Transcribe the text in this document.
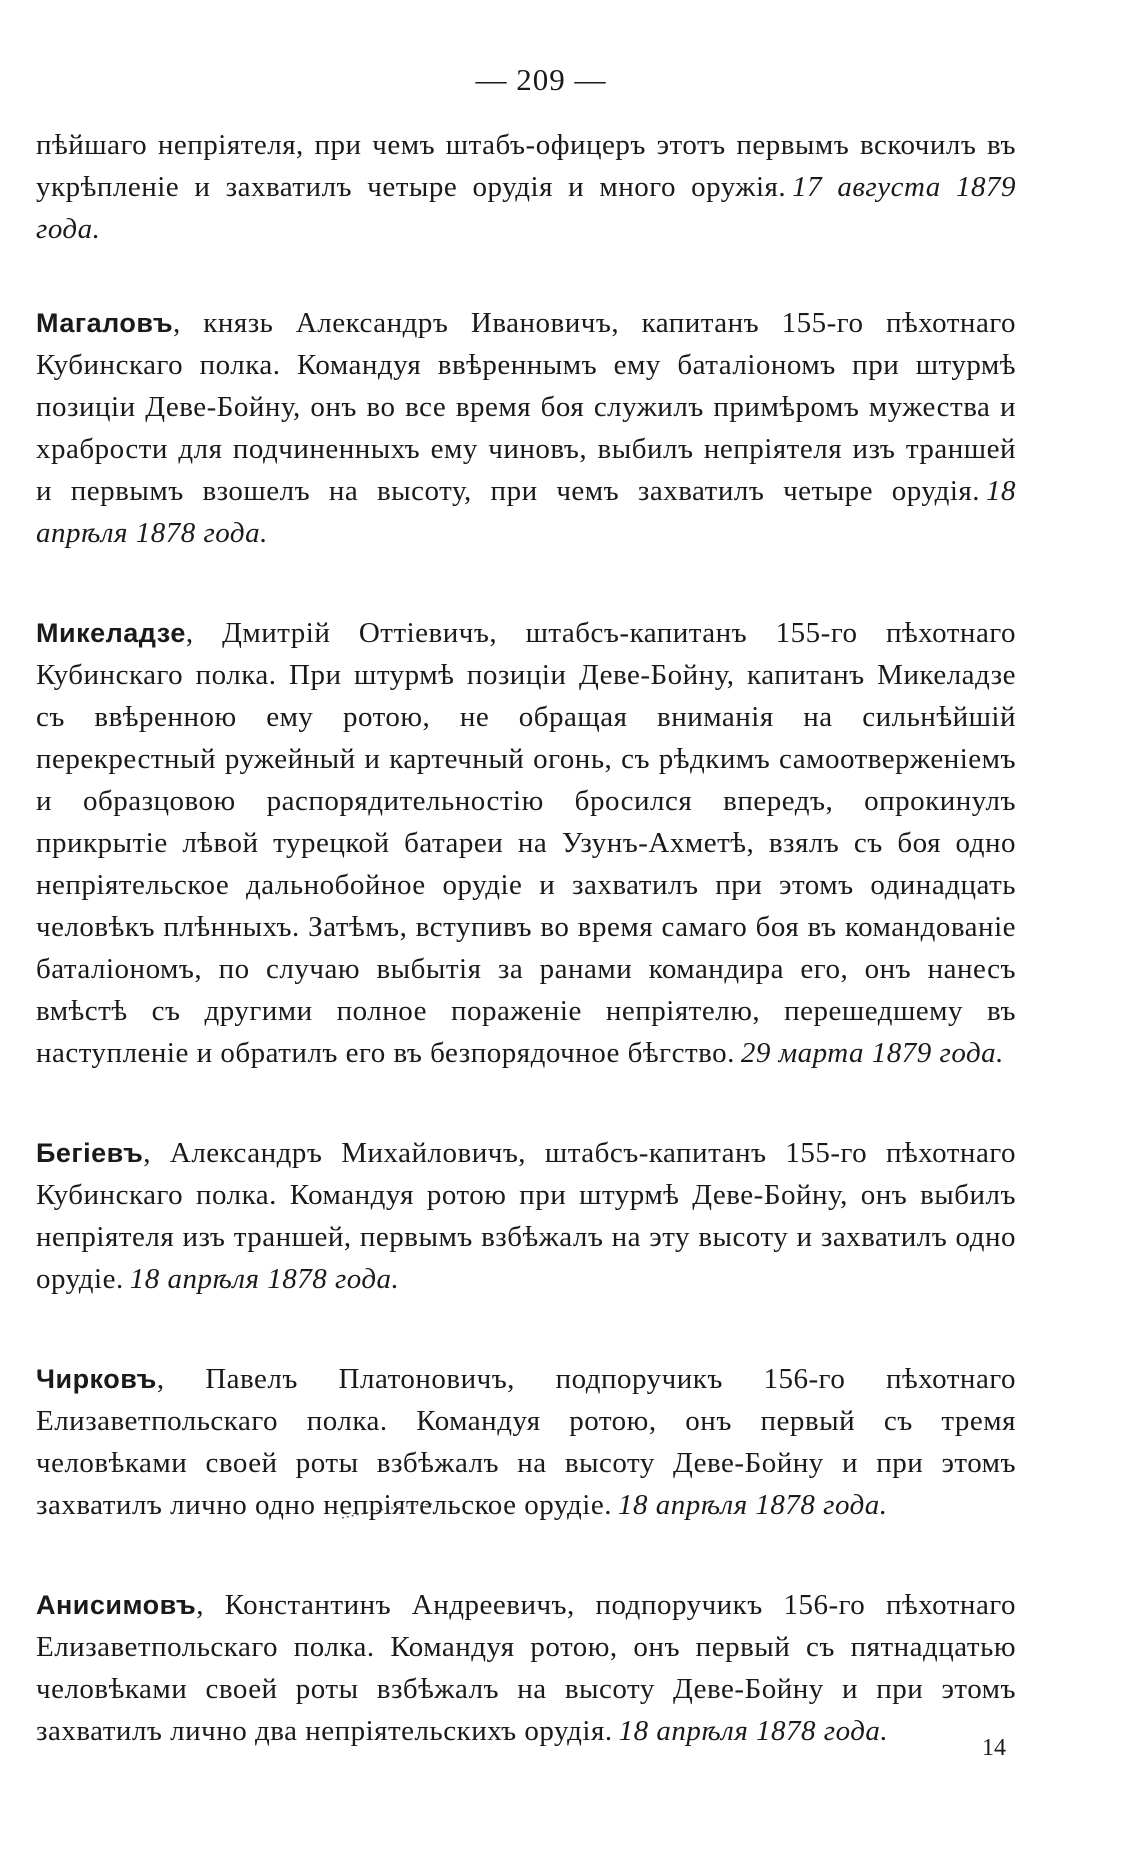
— 209 —

пѣйшаго непріятеля, при чемъ штабъ-офицеръ этотъ первымъ вскочилъ въ укрѣпленіе и захватилъ четыре орудія и много оружія. 17 августа 1879 года.

Магаловъ, князь Александръ Ивановичъ, капитанъ 155-го пѣхотнаго Кубинскаго полка. Командуя ввѣреннымъ ему баталіономъ при штурмѣ позиціи Деве-Бойну, онъ во все время боя служилъ примѣромъ мужества и храбрости для подчиненныхъ ему чиновъ, выбилъ непріятеля изъ траншей и первымъ взошелъ на высоту, при чемъ захватилъ четыре орудія. 18 апрѣля 1878 года.

Микеладзе, Дмитрій Оттіевичъ, штабсъ-капитанъ 155-го пѣхотнаго Кубинскаго полка. При штурмѣ позиціи Деве-Бойну, капитанъ Микеладзе съ ввѣренною ему ротою, не обращая вниманія на сильнѣйшій перекрестный ружейный и картечный огонь, съ рѣдкимъ самоотверженіемъ и образцовою распорядительностію бросился впередъ, опрокинулъ прикрытіе лѣвой турецкой батареи на Узунъ-Ахметѣ, взялъ съ боя одно непріятельское дальнобойное орудіе и захватилъ при этомъ одинадцать человѣкъ плѣнныхъ. Затѣмъ, вступивъ во время самаго боя въ командованіе баталіономъ, по случаю выбытія за ранами командира его, онъ нанесъ вмѣстѣ съ другими полное пораженіе непріятелю, перешедшему въ наступленіе и обратилъ его въ безпорядочное бѣгство. 29 марта 1879 года.

Бегіевъ, Александръ Михайловичъ, штабсъ-капитанъ 155-го пѣхотнаго Кубинскаго полка. Командуя ротою при штурмѣ Деве-Бойну, онъ выбилъ непріятеля изъ траншей, первымъ взбѣжалъ на эту высоту и захватилъ одно орудіе. 18 апрѣля 1878 года.

Чирковъ, Павелъ Платоновичъ, подпоручикъ 156-го пѣхотнаго Елизаветпольскаго полка. Командуя ротою, онъ первый съ тремя человѣками своей роты взбѣжалъ на высоту Деве-Бойну и при этомъ захватилъ лично одно непріятельское орудіе. 18 апрѣля 1878 года.

Анисимовъ, Константинъ Андреевичъ, подпоручикъ 156-го пѣхотнаго Елизаветпольскаго полка. Командуя ротою, онъ первый съ пятнадцатью человѣками своей роты взбѣжалъ на высоту Деве-Бойну и при этомъ захватилъ лично два непріятельскихъ орудія. 18 апрѣля 1878 года.

14
